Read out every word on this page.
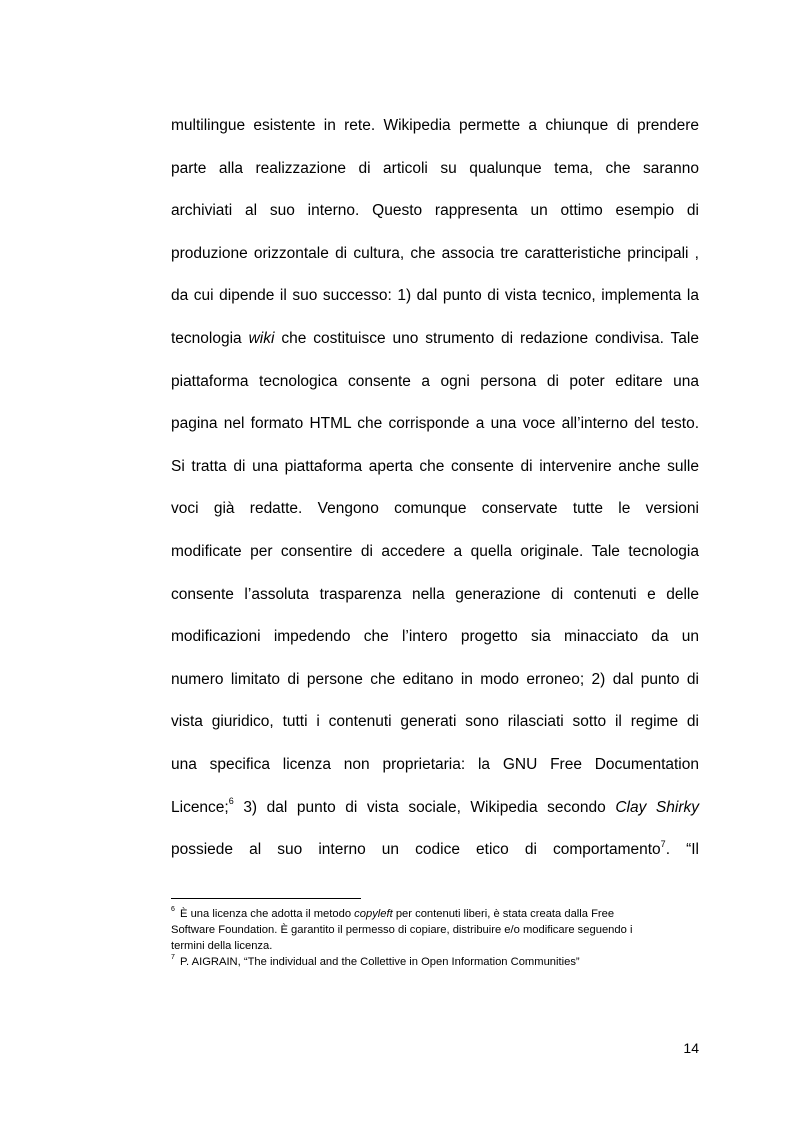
multilingue esistente in rete. Wikipedia permette a chiunque di prendere
parte alla realizzazione di articoli su qualunque tema, che saranno
archiviati al suo interno. Questo rappresenta un ottimo esempio di
produzione orizzontale di cultura, che associa tre caratteristiche principali ,
da cui dipende il suo successo: 1) dal punto di vista tecnico, implementa la
tecnologia wiki che costituisce uno strumento di redazione condivisa. Tale
piattaforma tecnologica consente a ogni persona di poter editare una
pagina nel formato HTML che corrisponde a una voce all’interno del testo.
Si tratta di una piattaforma aperta che consente di intervenire anche sulle
voci già redatte. Vengono comunque conservate tutte le versioni
modificate per consentire di accedere a quella originale. Tale tecnologia
consente l’assoluta trasparenza nella generazione di contenuti e delle
modificazioni impedendo che l’intero progetto sia minacciato da un
numero limitato di persone che editano in modo erroneo; 2) dal punto di
vista giuridico, tutti i contenuti generati sono rilasciati sotto il regime di
una specifica licenza non proprietaria: la GNU Free Documentation
Licence;$^6$ 3) dal punto di vista sociale, Wikipedia secondo Clay Shirky
possiede al suo interno un codice etico di comportamento$^7$. “Il
$^6$ È una licenza che adotta il metodo copyleft per contenuti liberi, è stata creata dalla Free
Software Foundation. È garantito il permesso di copiare, distribuire e/o modificare seguendo i
termini della licenza.
$^7$ P. AIGRAIN, “The individual and the Collettive in Open Information Communities”
14
